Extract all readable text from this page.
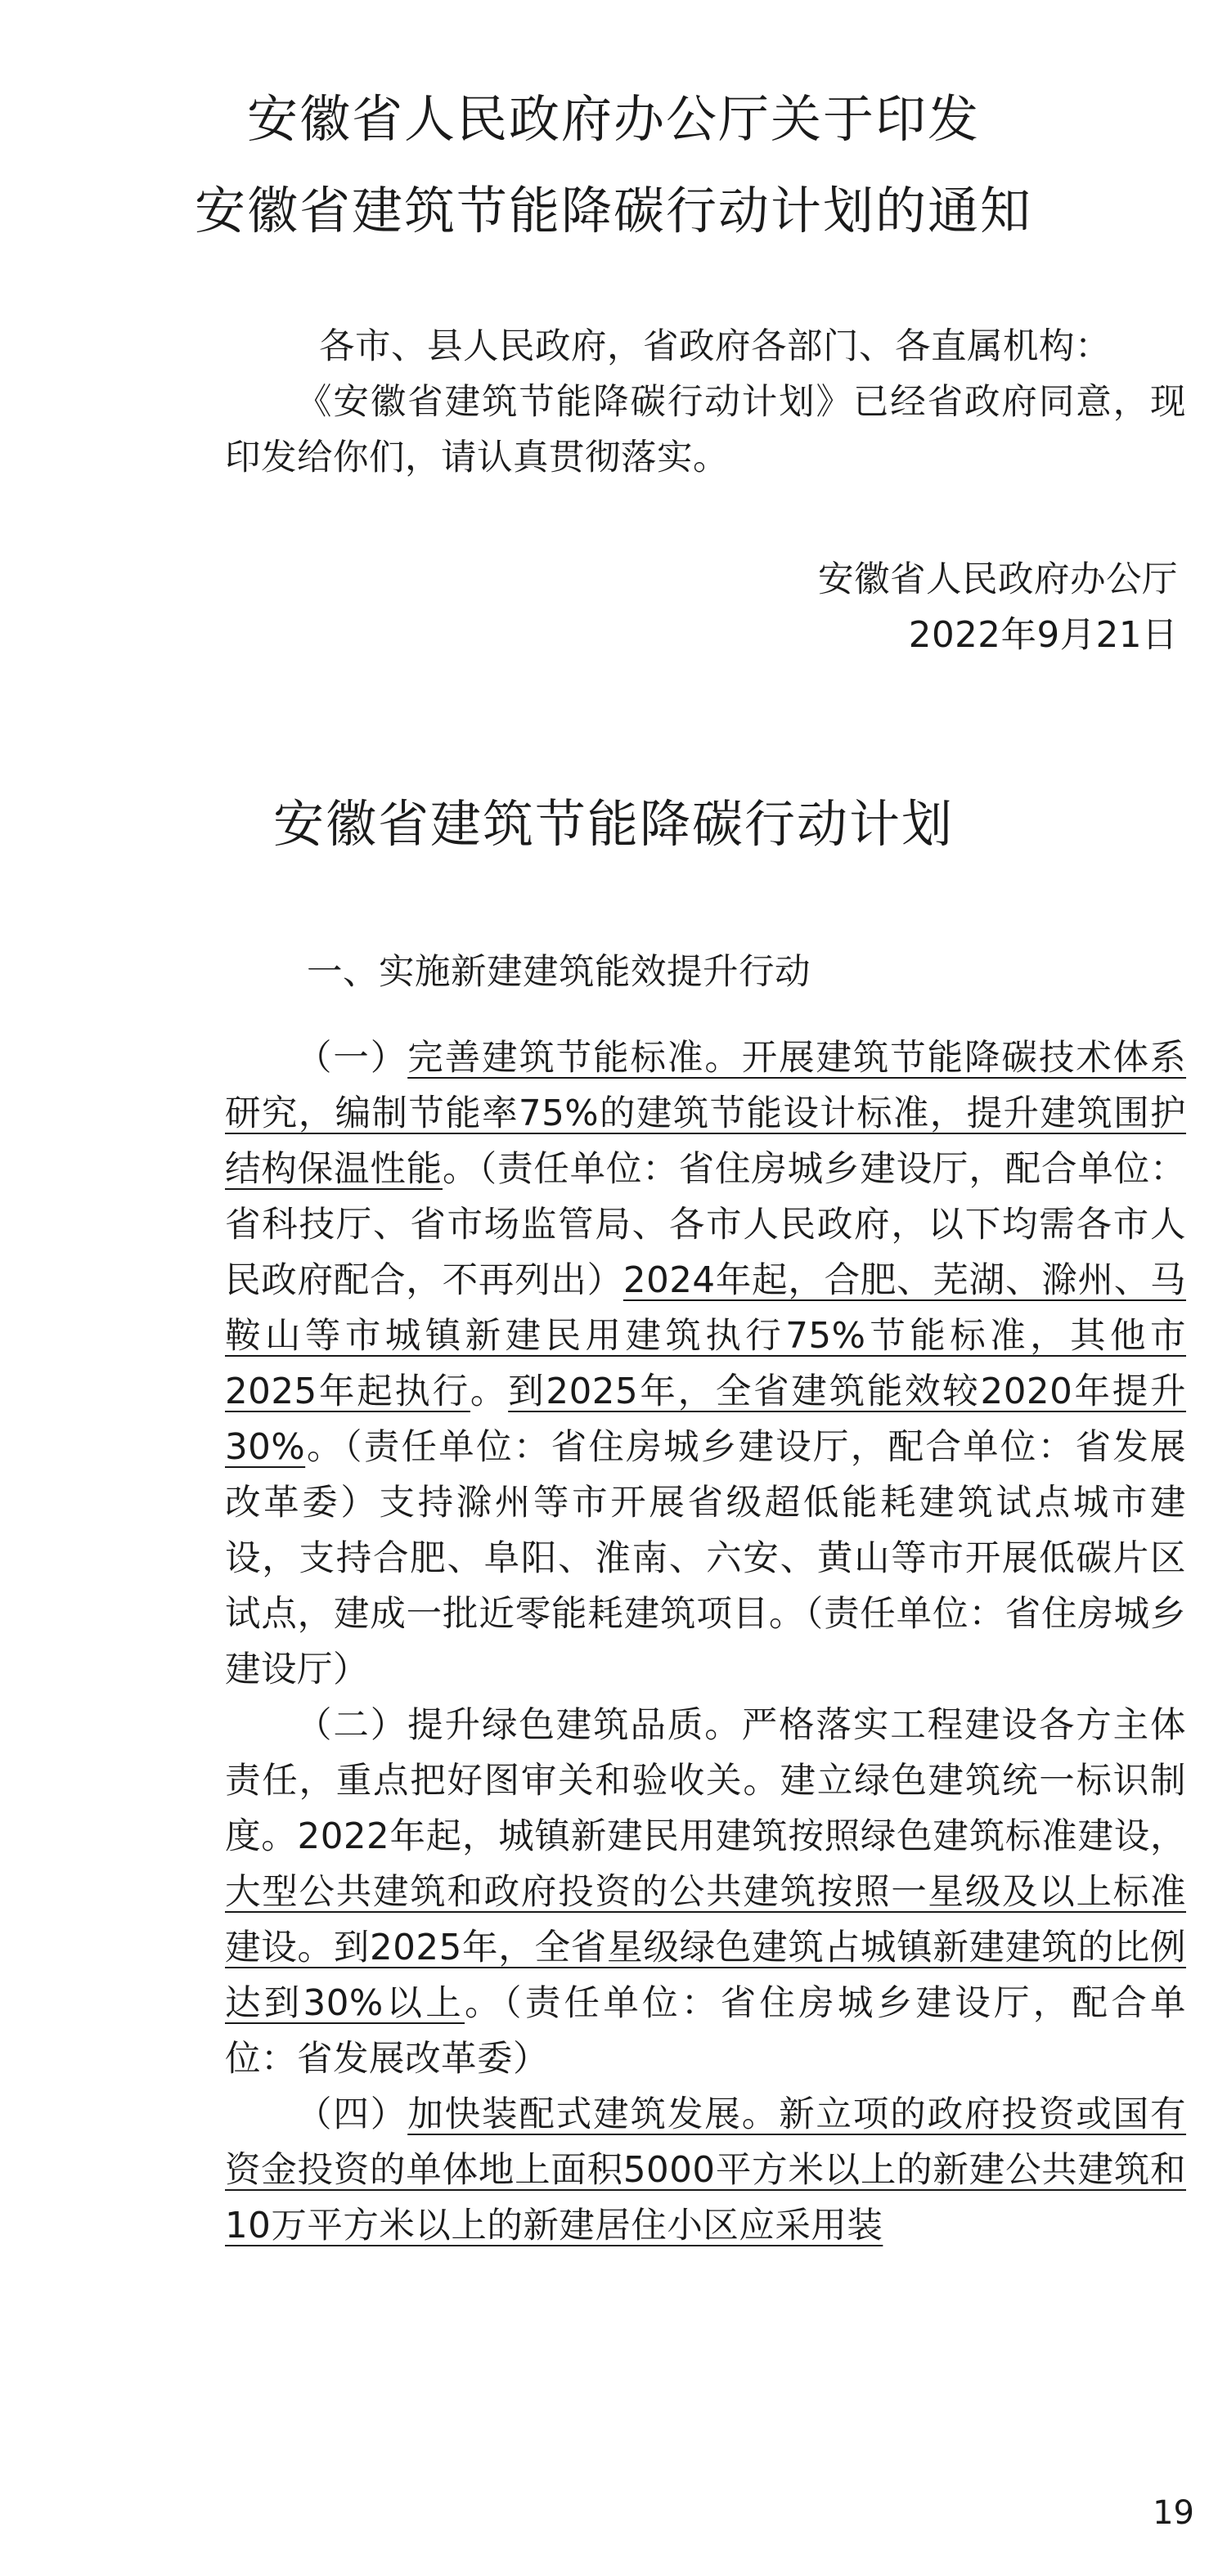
安徽省人民政府办公厅关于印发
安徽省建筑节能降碳行动计划的通知

各市、县人民政府，省政府各部门、各直属机构：

《安徽省建筑节能降碳行动计划》已经省政府同意，现印发给你们，请认真贯彻落实。

安徽省人民政府办公厅
2022年9月21日
安徽省建筑节能降碳行动计划

一、实施新建建筑能效提升行动

（一）完善建筑节能标准。开展建筑节能降碳技术体系研究，编制节能率75%的建筑节能设计标准，提升建筑围护结构保温性能。（责任单位：省住房城乡建设厅，配合单位：省科技厅、省市场监管局、各市人民政府，以下均需各市人民政府配合，不再列出）2024年起，合肥、芜湖、滁州、马鞍山等市城镇新建民用建筑执行75%节能标准，其他市2025年起执行。到2025年，全省建筑能效较2020年提升30%。（责任单位：省住房城乡建设厅，配合单位：省发展改革委）支持滁州等市开展省级超低能耗建筑试点城市建设，支持合肥、阜阳、淮南、六安、黄山等市开展低碳片区试点，建成一批近零能耗建筑项目。（责任单位：省住房城乡建设厅）

（二）提升绿色建筑品质。严格落实工程建设各方主体责任，重点把好图审关和验收关。建立绿色建筑统一标识制度。2022年起，城镇新建民用建筑按照绿色建筑标准建设，大型公共建筑和政府投资的公共建筑按照一星级及以上标准建设。到2025年，全省星级绿色建筑占城镇新建建筑的比例达到30%以上。（责任单位：省住房城乡建设厅，配合单位：省发展改革委）

（四）加快装配式建筑发展。新立项的政府投资或国有资金投资的单体地上面积5000平方米以上的新建公共建筑和10万平方米以上的新建居住小区应采用装

19
